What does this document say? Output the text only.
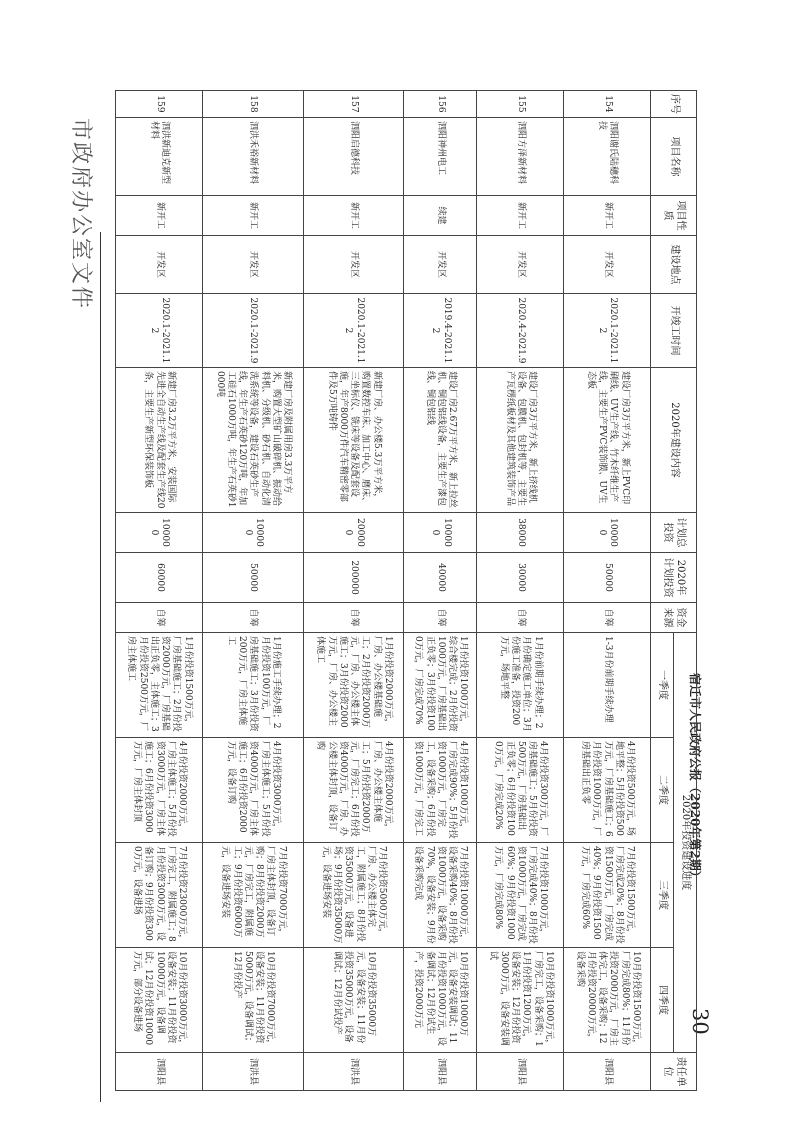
市政府办公室文件
宿迁市人民政府公报（2020年第2期）
30
序号	项目名称	项目性质	建设地点	开竣工时间	2020年建设内容	计划总投资	2020年计划投资	资金来源	2020年投资建设进度				责任单位
									一季度	二季度	三季度	四季度	
154	泗阳谢氏陆穗科技	新开工	开发区	2020.1-2021.12	建设厂房3万平方米，新上PVC印刷线、UV生产线、竹木纤维生产线，主要生产PVC装饰膜、UV生态板	100000	50000	自筹	1-3月份前期手续办理	4月份投资500万元，场地平整；5月份投资500万元，厂房基础施工；6月份投资1000万元，厂房基础出正负零	7月份投资1500万元，厂房完成20%；8月份投资1500万元，厂房完成40%；9月份投资1500万元，厂房完成60%	10月份投资1500万元，厂房完成80%；11月份投资2000万元，厂房主体完工，设备采购；12月份投资20000万元，设备采购	泗阳县
155	泗阳方泽新材料	新开工	开发区	2020.4-2021.9	建设厂房3万平方米，新上挤线机设备、包膜机、包封机等，主要生产瓦楞纸板材及其他建筑装饰产品	38000	30000	自筹	1月份前期手续办理；2月份确定施工单位；3月份施工准备，投资200万元，场地平整	4月份投资300万元，厂房基础施工；5月份投资500万元，厂房基础出正负零；6月份投资1000万元，厂房完成20%	7月份投资1000万元，厂房完成40%；8月份投资1000万元，厂房完成60%；9月份投资1000万元，厂房完成80%	10月份投资1000万元，厂房完工，设备采购；11月份投资1200万元，设备安装；12月份投资3000万元，设备安装调试	泗阳县
156	泗阳神州电工	续建	开发区	2019.4-2021.12	建设厂房2.67万平方米，新上拉丝机、铜包铝线设备，主要生产漆包线、铜包铝线	100000	40000	自筹	1月份投资1000万元，综合楼完成；2月份投资1000万元，厂房基础出正负零；3月份投资1000万元，厂房完成70%	4月份投资1000万元，厂房完成90%；5月份投资1000万元，厂房完工，设备采购；6月份投资1000万元，厂房完工	7月份投资10000万元，设备采购40%；8月份投资1000万元，设备采购70%，设备安装；9月份设备采购完成	10月份投资10000万元，设备安装调试；11月份投资1000万元，设备调试；12月份试生产，投资2000万元	泗阳县
157	泗阳启德科技	新开工	开发区	2020.1-2021.12	新建厂房、办公楼5.3万平方米，购置数控车床、加工中心、磨床、三坐标仪、铣床等设备及配套设施，年产8000万件汽车精密零部件及5万吨铸件	200000	200000	自筹	1月份投资2000万元，厂房、办公楼基础施工；2月份投资2000万元，厂房、办公楼主体施工；3月份投资2000万元，厂房、办公楼主体施工	4月份投资2000万元，厂房、办公楼主体施工；5月份投资2000万元，厂房完工；6月份投资4000万元，厂房、办公楼主体封顶，设备订购	7月份投资5000万元，厂房、办公楼主体完工，附属施工；8月份投资35000万元，设备进场；9月份投资35000万元，设备进场安装	10月份投资35000万元，设备安装；11月份投资35000万元，设备调试；12月份试投产	泗洪县
158	泗洪禾裕新材料	新开工	开发区	2020.1-2021.9	新建厂房及附属用房3.3万平方米，购置大型矿山破碎机、振动给料机、分级机、砂石机、自动化清洗系统等设备，建设石英砂生产线，年生产石英砂120万吨，年加工硅石1000万吨，年生产石英砂1000吨	100000	50000	自筹	1月份施工手续办理；2月份投资100万元，厂房基础施工；3月份投资200万元，厂房主体施工	4月份投资3000万元，厂房主体施工；5月份投资4000万元，厂房主体施工；6月份投资2000万元，设备订购	7月份投资7000万元，厂房主体封顶，设备订购；8月份投资2000万元，厂房完工，附属施工；9月份投资6000万元，设备进场安装	10月份投资7000万元，设备安装；11月份投资5000万元，设备调试；12月份投产	泗洪县
159	泗洪新迪克新型材料	新开工	开发区	2020.1-2021.12	新建厂房3.2万平方米，安装国际先进全自动生产线及配套生产线20条，主要生产新型环保装饰板	100000	60000	自筹	1月份投资1500万元，厂房基础施工；2月份投资2000万元，厂房基础出正负零，主体施工；3月份投资2500万元，厂房主体施工	4月份投资2000万元，厂房主体施工；5月份投资3000万元，厂房主体施工；6月份投资3000万元，厂房主体封顶	7月份投资23000万元，厂房完工，附属施工；8月份投资3000万元，设备订购；9月份投资3000万元，设备进场	10月份投资3000万元，设备安装；11月份投资10000万元，设备调试；12月份投资10000万元，部分设备进场	泗阳县
